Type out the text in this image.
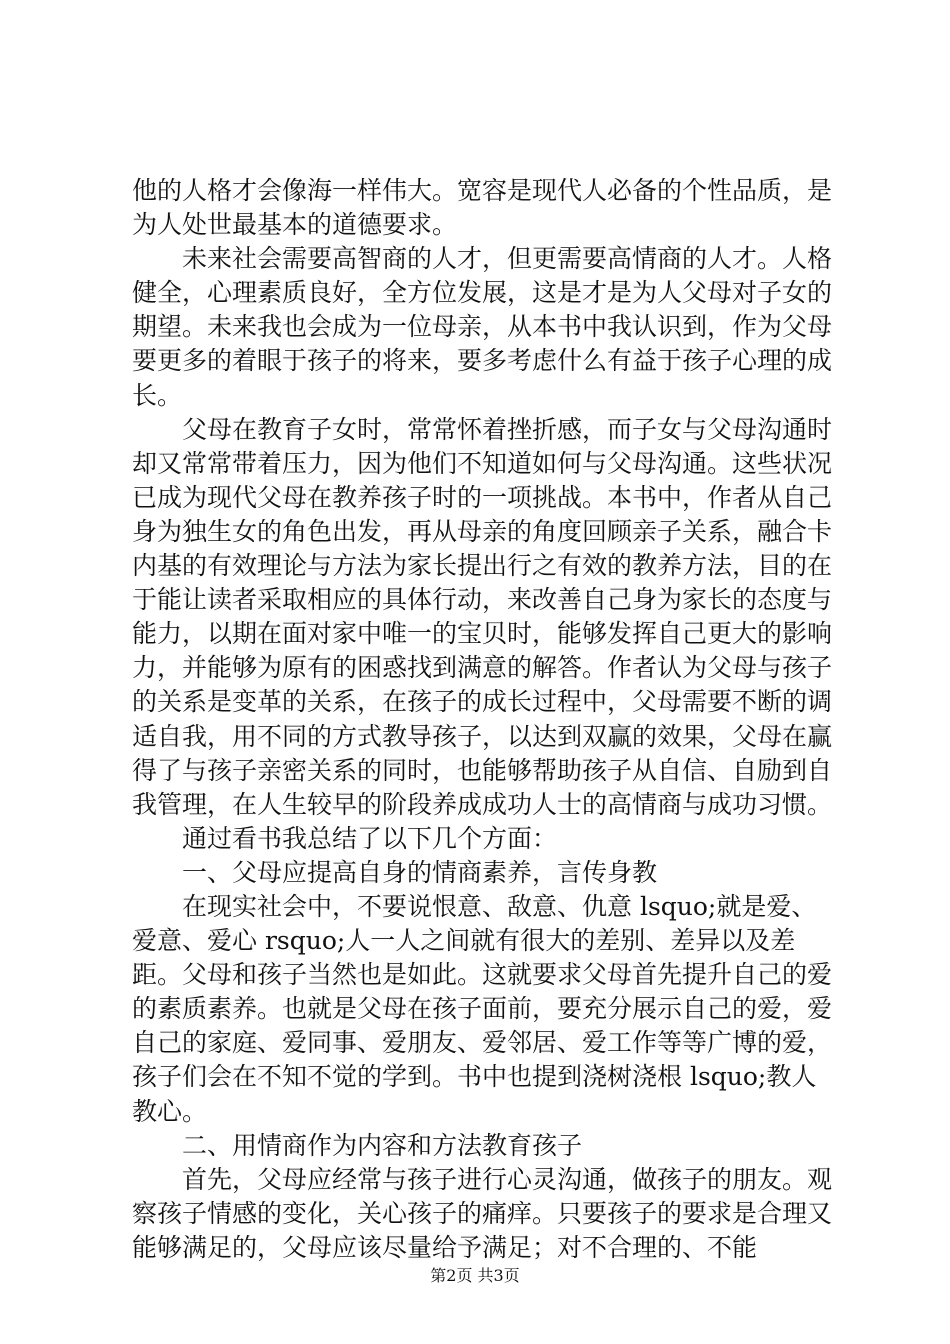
他的人格才会像海一样伟大。宽容是现代人必备的个性品质，是为人处世最基本的道德要求。

　　未来社会需要高智商的人才，但更需要高情商的人才。人格健全，心理素质良好，全方位发展，这是才是为人父母对子女的期望。未来我也会成为一位母亲，从本书中我认识到，作为父母要更多的着眼于孩子的将来，要多考虑什么有益于孩子心理的成长。

　　父母在教育子女时，常常怀着挫折感，而子女与父母沟通时却又常常带着压力，因为他们不知道如何与父母沟通。这些状况已成为现代父母在教养孩子时的一项挑战。本书中，作者从自己身为独生女的角色出发，再从母亲的角度回顾亲子关系，融合卡内基的有效理论与方法为家长提出行之有效的教养方法，目的在于能让读者采取相应的具体行动，来改善自己身为家长的态度与能力，以期在面对家中唯一的宝贝时，能够发挥自己更大的影响力，并能够为原有的困惑找到满意的解答。作者认为父母与孩子的关系是变革的关系，在孩子的成长过程中，父母需要不断的调适自我，用不同的方式教导孩子，以达到双赢的效果，父母在赢得了与孩子亲密关系的同时，也能够帮助孩子从自信、自励到自我管理，在人生较早的阶段养成成功人士的高情商与成功习惯。

　　通过看书我总结了以下几个方面：

　　一、父母应提高自身的情商素养，言传身教

　　在现实社会中，不要说恨意、敌意、仇意 lsquo;就是爱、爱意、爱心 rsquo;人一人之间就有很大的差别、差异以及差距。父母和孩子当然也是如此。这就要求父母首先提升自己的爱的素质素养。也就是父母在孩子面前，要充分展示自己的爱，爱自己的家庭、爱同事、爱朋友、爱邻居、爱工作等等广博的爱，孩子们会在不知不觉的学到。书中也提到浇树浇根 lsquo;教人教心。

　　二、用情商作为内容和方法教育孩子

　　首先，父母应经常与孩子进行心灵沟通，做孩子的朋友。观察孩子情感的变化，关心孩子的痛痒。只要孩子的要求是合理又能够满足的，父母应该尽量给予满足；对不合理的、不能

第2页 共3页
